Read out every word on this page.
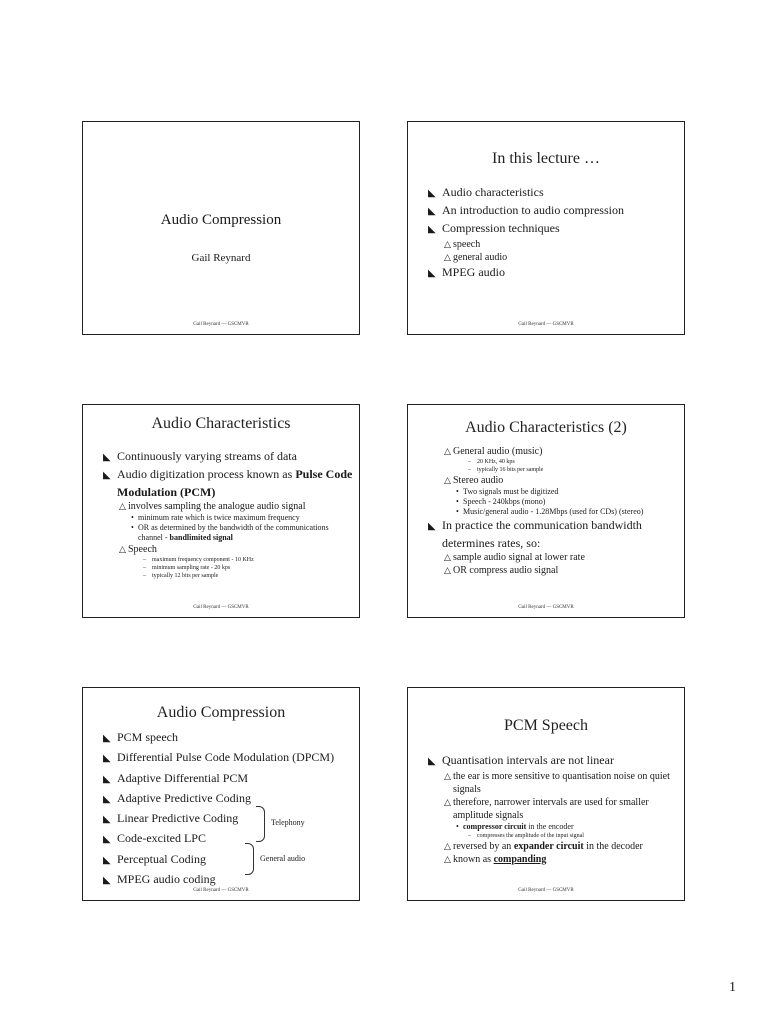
Audio Compression
Gail Reynard
Gail Reynard — GSCMVR
In this lecture …
◣ Audio characteristics
◣ An introduction to audio compression
◣ Compression techniques
△ speech
△ general audio
◣ MPEG audio
Gail Reynard — GSCMVR
Audio Characteristics
◣ Continuously varying streams of data
◣ Audio digitization process known as Pulse Code Modulation (PCM)
△ involves sampling the analogue audio signal
• minimum rate which is twice maximum frequency
• OR as determined by the bandwidth of the communications channel - bandlimited signal
△ Speech
– maximum frequency component - 10 KHz
– minimum sampling rate - 20 kps
– typically 12 bits per sample
Gail Reynard — GSCMVR
Audio Characteristics (2)
△ General audio (music)
– 20 KHz, 40 kps
– typically 16 bits per sample
△ Stereo audio
• Two signals must be digitized
• Speech - 240kbps (mono)
• Music/general audio - 1.28Mbps (used for CDs) (stereo)
◣ In practice the communication bandwidth determines rates, so:
△ sample audio signal at lower rate
△ OR compress audio signal
Gail Reynard — GSCMVR
Audio Compression
◣ PCM speech
◣ Differential Pulse Code Modulation (DPCM)
◣ Adaptive Differential PCM
◣ Adaptive Predictive Coding
◣ Linear Predictive Coding
◣ Code-excited LPC
◣ Perceptual Coding
◣ MPEG audio coding
Telephony
General audio
Gail Reynard — GSCMVR
PCM Speech
◣ Quantisation intervals are not linear
△ the ear is more sensitive to quantisation noise on quiet signals
△ therefore, narrower intervals are used for smaller amplitude signals
• compressor circuit in the encoder
– compresses the amplitude of the input signal
△ reversed by an expander circuit in the decoder
△ known as companding
Gail Reynard — GSCMVR
1
